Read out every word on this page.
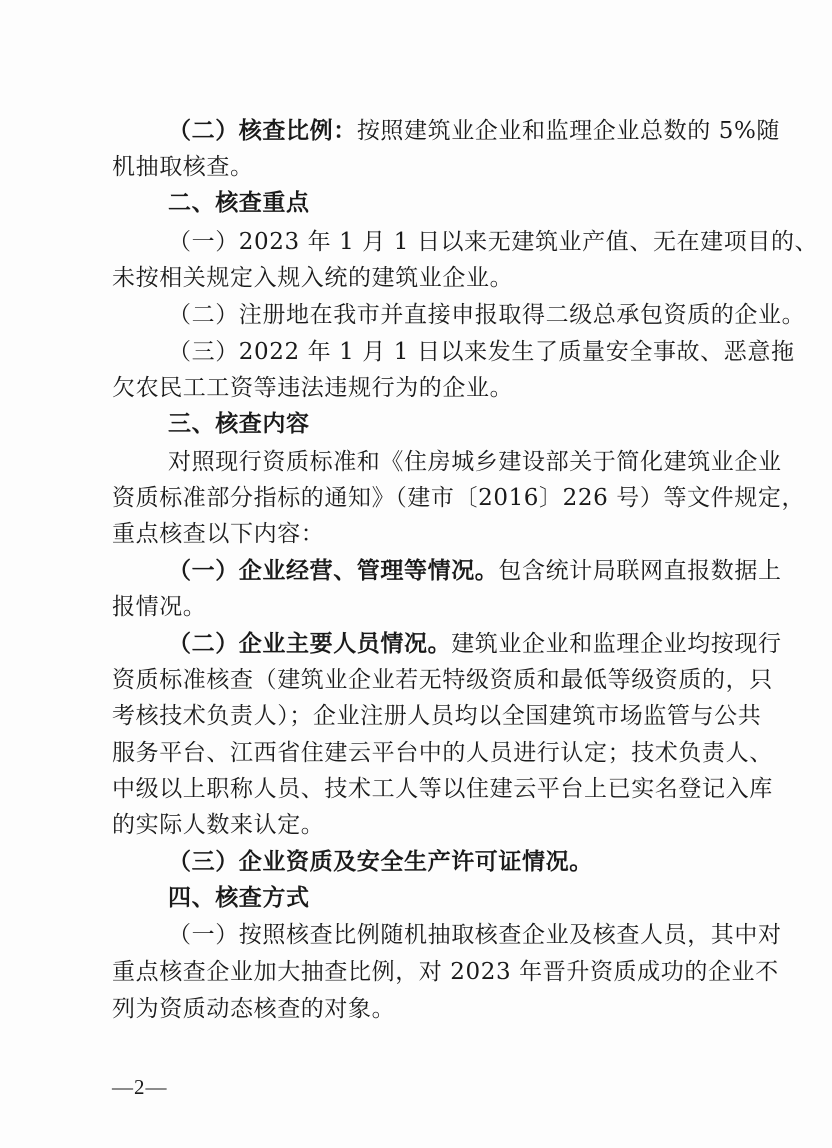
（二）核查比例：按照建筑业企业和监理企业总数的 5%随
机抽取核查。
二、核查重点
（一）2023 年 1 月 1 日以来无建筑业产值、无在建项目的、
未按相关规定入规入统的建筑业企业。
（二）注册地在我市并直接申报取得二级总承包资质的企业。
（三）2022 年 1 月 1 日以来发生了质量安全事故、恶意拖
欠农民工工资等违法违规行为的企业。
三、核查内容
对照现行资质标准和《住房城乡建设部关于简化建筑业企业
资质标准部分指标的通知》（建市〔2016〕226 号）等文件规定，
重点核查以下内容：
（一）企业经营、管理等情况。包含统计局联网直报数据上
报情况。
（二）企业主要人员情况。建筑业企业和监理企业均按现行
资质标准核查（建筑业企业若无特级资质和最低等级资质的，只
考核技术负责人）；企业注册人员均以全国建筑市场监管与公共
服务平台、江西省住建云平台中的人员进行认定；技术负责人、
中级以上职称人员、技术工人等以住建云平台上已实名登记入库
的实际人数来认定。
（三）企业资质及安全生产许可证情况。
四、核查方式
（一）按照核查比例随机抽取核查企业及核查人员，其中对
重点核查企业加大抽查比例，对 2023 年晋升资质成功的企业不
列为资质动态核查的对象。
—2—
